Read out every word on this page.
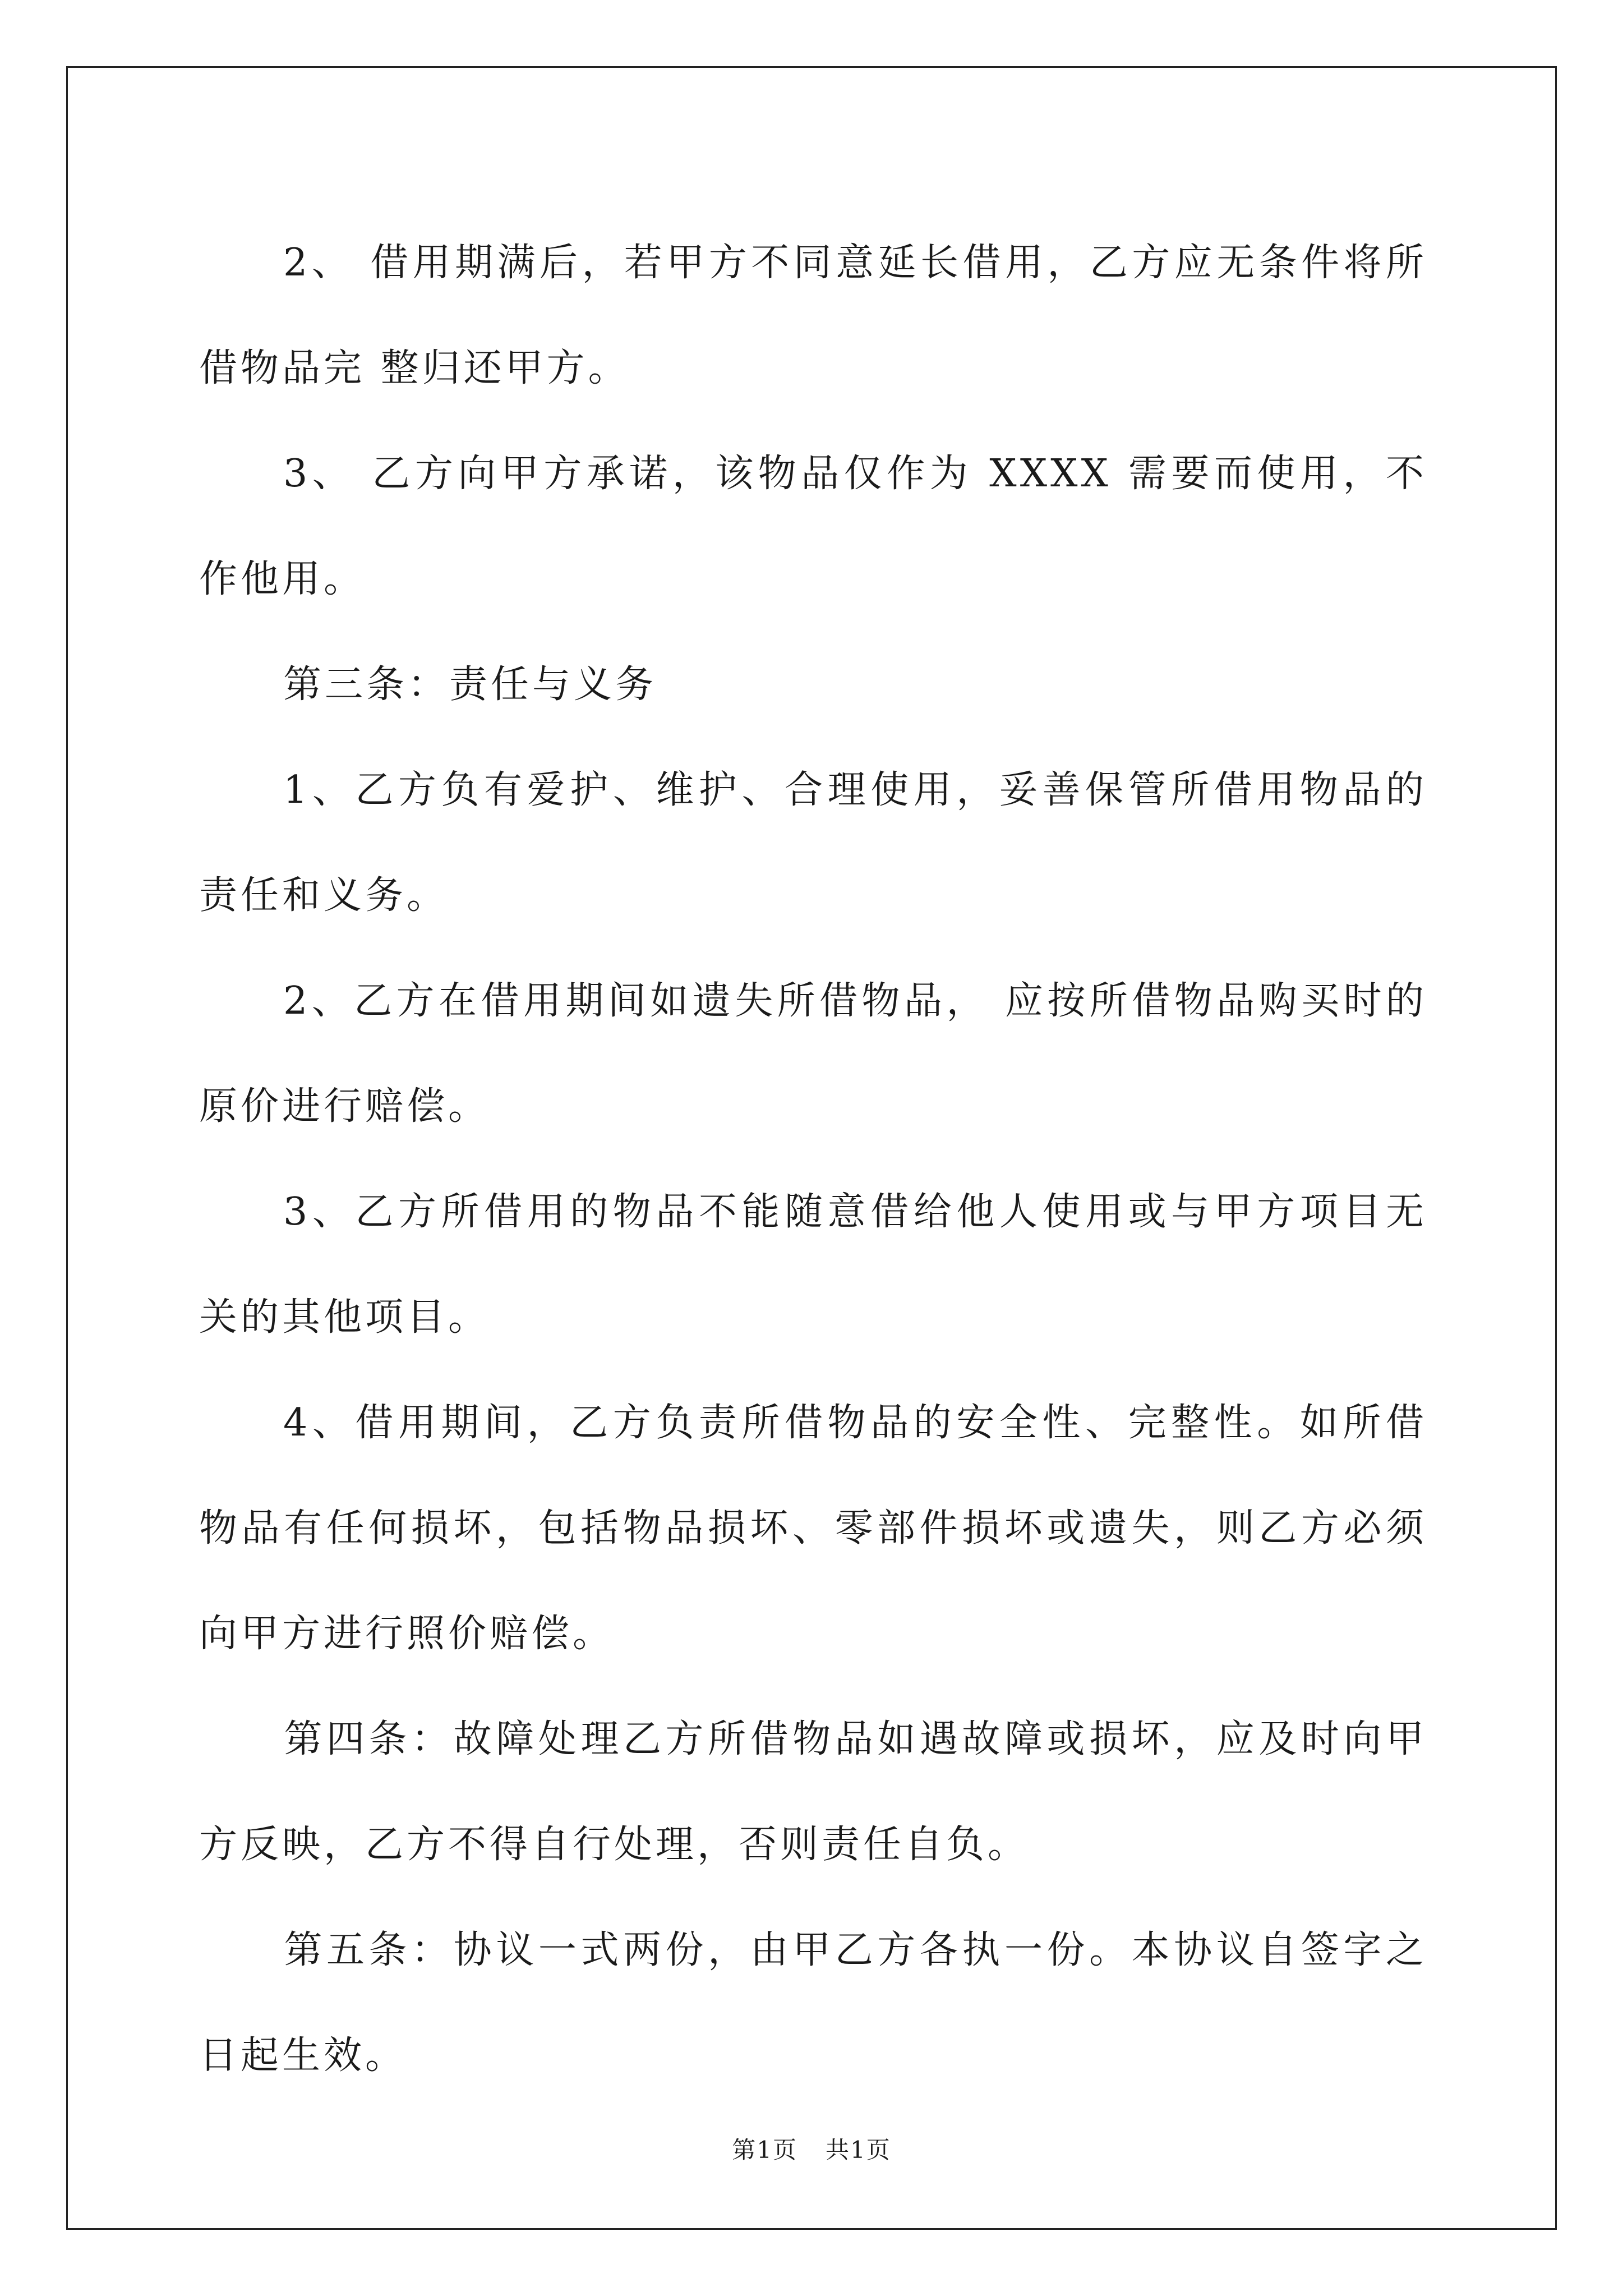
2、 借用期满后，若甲方不同意延长借用，乙方应无条件将所借物品完 整归还甲方。

3、 乙方向甲方承诺，该物品仅作为 XXXX 需要而使用，不作他用。

第三条：责任与义务

1、乙方负有爱护、维护、合理使用，妥善保管所借用物品的责任和义务。

2、乙方在借用期间如遗失所借物品， 应按所借物品购买时的原价进行赔偿。

3、乙方所借用的物品不能随意借给他人使用或与甲方项目无关的其他项目。

4、借用期间，乙方负责所借物品的安全性、完整性。如所借物品有任何损坏，包括物品损坏、零部件损坏或遗失，则乙方必须向甲方进行照价赔偿。

第四条：故障处理乙方所借物品如遇故障或损坏，应及时向甲方反映，乙方不得自行处理，否则责任自负。

第五条：协议一式两份，由甲乙方各执一份。本协议自签字之日起生效。

第1页 共1页
